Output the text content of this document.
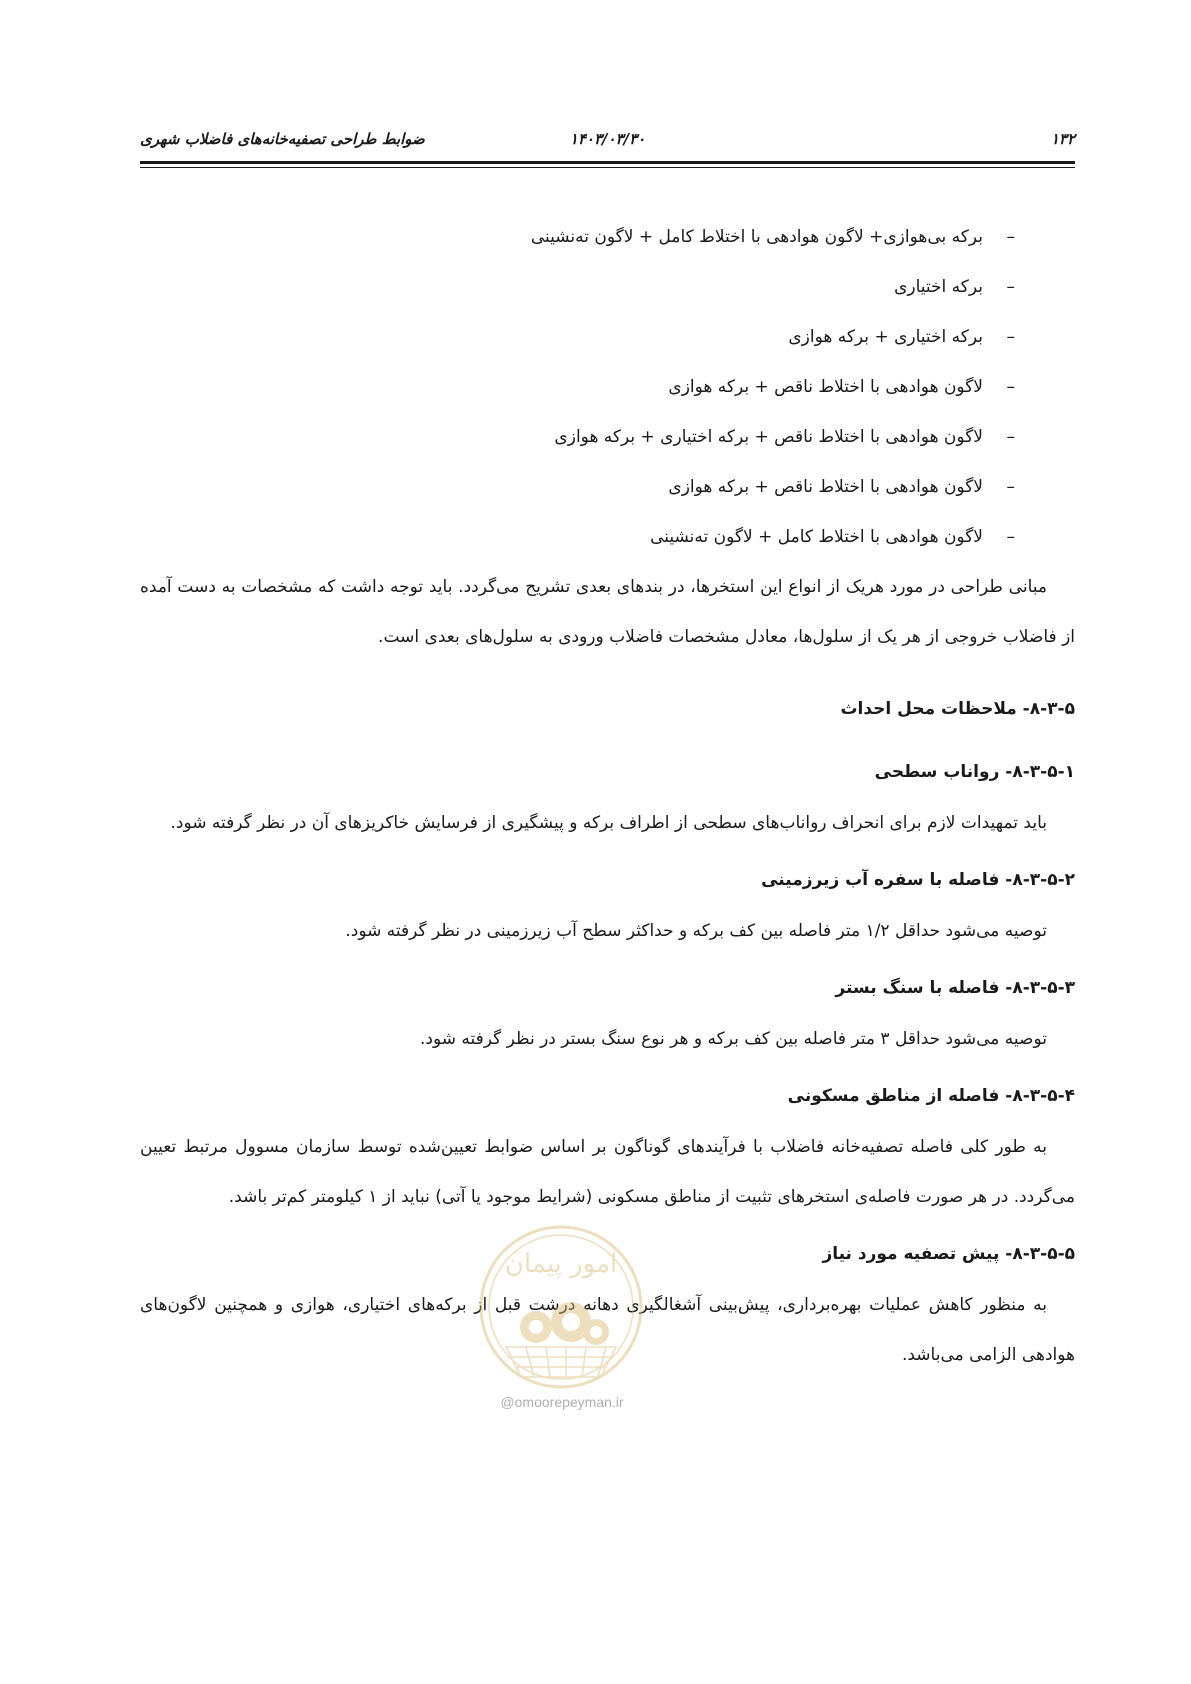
۱۳۲
۱۴۰۳/۰۳/۳۰
ضوابط طراحی تصفیه‌خانه‌های فاضلاب شهری
–
برکه بی‌هوازی+ لاگون هوادهی با اختلاط کامل + لاگون ته‌نشینی
–
برکه اختیاری
–
برکه اختیاری + برکه هوازی
–
لاگون هوادهی با اختلاط ناقص + برکه هوازی
–
لاگون هوادهی با اختلاط ناقص + برکه اختیاری + برکه هوازی
–
لاگون هوادهی با اختلاط ناقص + برکه هوازی
–
لاگون هوادهی با اختلاط کامل + لاگون ته‌نشینی

مبانی طراحی در مورد هریک از انواع این استخرها، در بندهای بعدی تشریح می‌گردد. باید توجه داشت که مشخصات به دست آمده از فاضلاب خروجی از هر یک از سلول‌ها، معادل مشخصات فاضلاب ورودی به سلول‌های بعدی است.

۸-۳-۵- ملاحظات محل احداث
۸-۳-۵-۱- رواناب سطحی

باید تمهیدات لازم برای انحراف رواناب‌های سطحی از اطراف برکه و پیشگیری از فرسایش خاکریزهای آن در نظر گرفته شود.

۸-۳-۵-۲- فاصله با سفره آب زیرزمینی

توصیه می‌شود حداقل ۱/۲ متر فاصله بین کف برکه و حداکثر سطح آب زیرزمینی در نظر گرفته شود.

۸-۳-۵-۳- فاصله با سنگ بستر

توصیه می‌شود حداقل ۳ متر فاصله بین کف برکه و هر نوع سنگ بستر در نظر گرفته شود.

۸-۳-۵-۴- فاصله از مناطق مسکونی

به طور کلی فاصله تصفیه‌خانه فاضلاب با فرآیندهای گوناگون بر اساس ضوابط تعیین‌شده توسط سازمان مسوول مرتبط تعیین می‌گردد. در هر صورت فاصله‌ی استخرهای تثبیت از مناطق مسکونی (شرایط موجود یا آتی) نباید از ۱ کیلومتر کم‌تر باشد.

۸-۳-۵-۵- پیش تصفیه مورد نیاز

به منظور کاهش عملیات بهره‌برداری، پیش‌بینی آشغالگیری دهانه درشت قبل از برکه‌های اختیاری، هوازی و همچنین لاگون‌های هوادهی الزامی می‌باشد.

امور پیمان
@omoorepeyman.ir
